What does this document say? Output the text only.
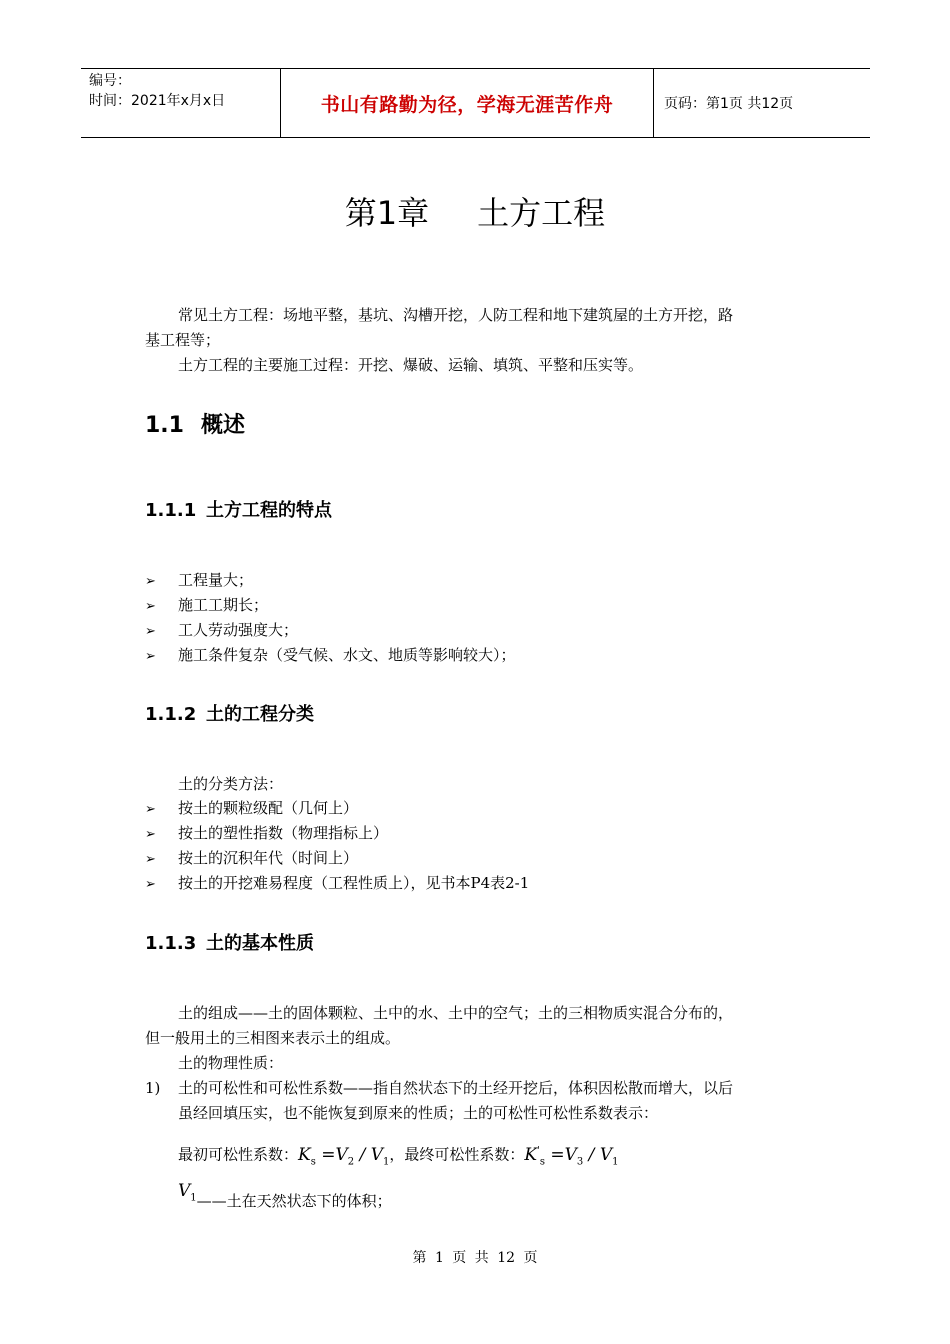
编号：
时间：2021年x月x日	书山有路勤为径，学海无涯苦作舟	页码：第1页 共12页
第1章 土方工程
常见土方工程：场地平整，基坑、沟槽开挖，人防工程和地下建筑屋的土方开挖，路
基工程等；
土方工程的主要施工过程：开挖、爆破、运输、填筑、平整和压实等。
1.1 概述
1.1.1 土方工程的特点
➢ 工程量大；
➢ 施工工期长；
➢ 工人劳动强度大；
➢ 施工条件复杂（受气候、水文、地质等影响较大）；
1.1.2 土的工程分类
土的分类方法：
➢ 按土的颗粒级配（几何上）
➢ 按土的塑性指数（物理指标上）
➢ 按土的沉积年代（时间上）
➢ 按土的开挖难易程度（工程性质上），见书本P4表2-1
1.1.3 土的基本性质
土的组成——土的固体颗粒、土中的水、土中的空气；土的三相物质实混合分布的，
但一般用土的三相图来表示土的组成。
土的物理性质：
1) 土的可松性和可松性系数——指自然状态下的土经开挖后，体积因松散而增大，以后
虽经回填压实，也不能恢复到原来的性质；土的可松性可松性系数表示：
最初可松性系数：$K_s =V_2 / V_1$，最终可松性系数：$K'_s =V_3 / V_1$
$V_1——$土在天然状态下的体积；
第 1 页 共 12 页
